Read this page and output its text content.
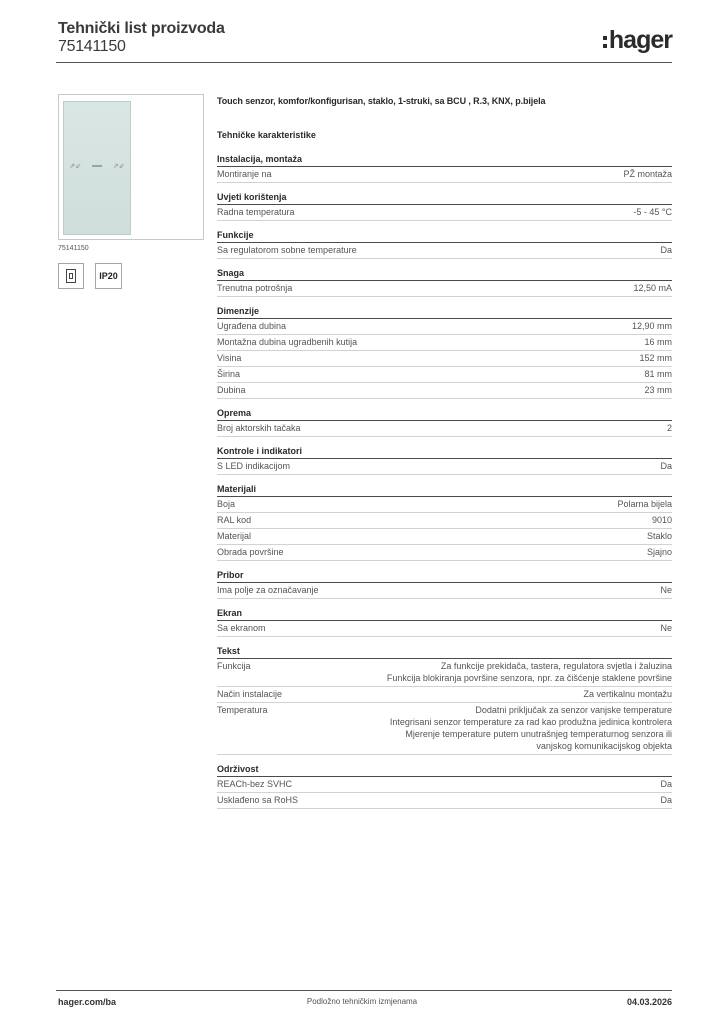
Tehnički list proizvoda
75141150	hager
⇗⇙	⇗⇙
75141150
IP20
Touch senzor, komfor/konfigurisan, staklo, 1-struki, sa BCU , R.3, KNX, p.bijela
Tehničke karakteristike
Instalacija, montaža
Montiranje na	PŽ montaža
Uvjeti korištenja
Radna temperatura	-5 - 45 °C
Funkcije
Sa regulatorom sobne temperature	Da
Snaga
Trenutna potrošnja	12,50 mA
Dimenzije
Ugrađena dubina	12,90 mm
Montažna dubina ugradbenih kutija	16 mm
Visina	152 mm
Širina	81 mm
Dubina	23 mm
Oprema
Broj aktorskih tačaka	2
Kontrole i indikatori
S LED indikacijom	Da
Materijali
Boja	Polarna bijela
RAL kod	9010
Materijal	Staklo
Obrada površine	Sjajno
Pribor
Ima polje za označavanje	Ne
Ekran
Sa ekranom	Ne
Tekst
Funkcija	Za funkcije prekidača, tastera, regulatora svjetla i žaluzina
Funkcija blokiranja površine senzora, npr. za čišćenje staklene površine
Način instalacije	Za vertikalnu montažu
Temperatura	Dodatni priključak za senzor vanjske temperature
Integrisani senzor temperature za rad kao produžna jedinica kontrolera
Mjerenje temperature putem unutrašnjeg temperaturnog senzora ili
vanjskog komunikacijskog objekta
Održivost
REACh-bez SVHC	Da
Usklađeno sa RoHS	Da
Podložno tehničkim izmjenama
hager.com/ba	04.03.2026
